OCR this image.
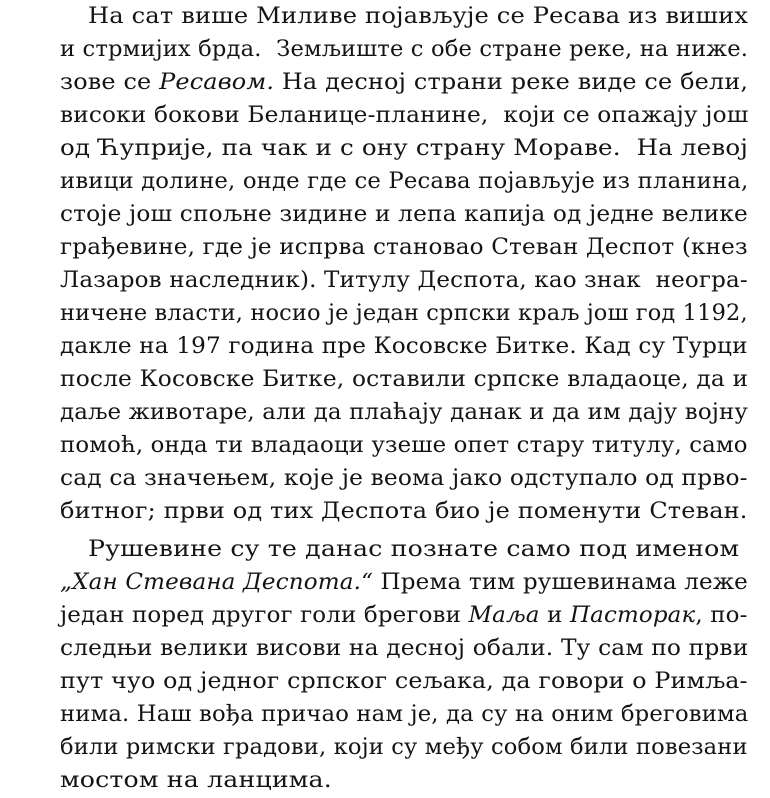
На сат више Миливе појављује се Ресава из виших
и стрмијих брда.  Земљиште с обе стране реке, на ниже.
зове се Ресавом. На десној страни реке виде се бели,
високи бокови Беланице-планине,  који се опажају још
од Ћуприје, па чак и с ону страну Мораве.  На левој
ивици долине, онде где се Ресава појављује из планина,
стоје још спољне зидине и лепа капија од једне велике
грађевине, где је испрва становао Стеван Деспот (кнез
Лазаров наследник). Титулу Деспота, као знак  неогра-
ничене власти, носио је један српски краљ још год 1192,
дакле на 197 година пре Косовске Битке. Кад су Турци
после Косовске Битке, оставили српске владаоце, да и
даље животаре, али да плаћају данак и да им дају војну
помоћ, онда ти владаоци узеше опет стару титулу, само
сад са значењем, које је веома јако одступало од прво-
битног; први од тих Деспота био је поменути Стеван.
Рушевине су те данас познате само под именом
„Хан Стевана Деспота.“ Према тим рушевинама леже
један поред другог голи брегови Маља и Пасторак, по-
следњи велики висови на десној обали. Ту сам по први
пут чуо од једног српског сељака, да говори о Римља-
нима. Наш вођа причао нам је, да су на оним бреговима
били римски градови, који су међу собом били повезани
мостом на ланцима.
